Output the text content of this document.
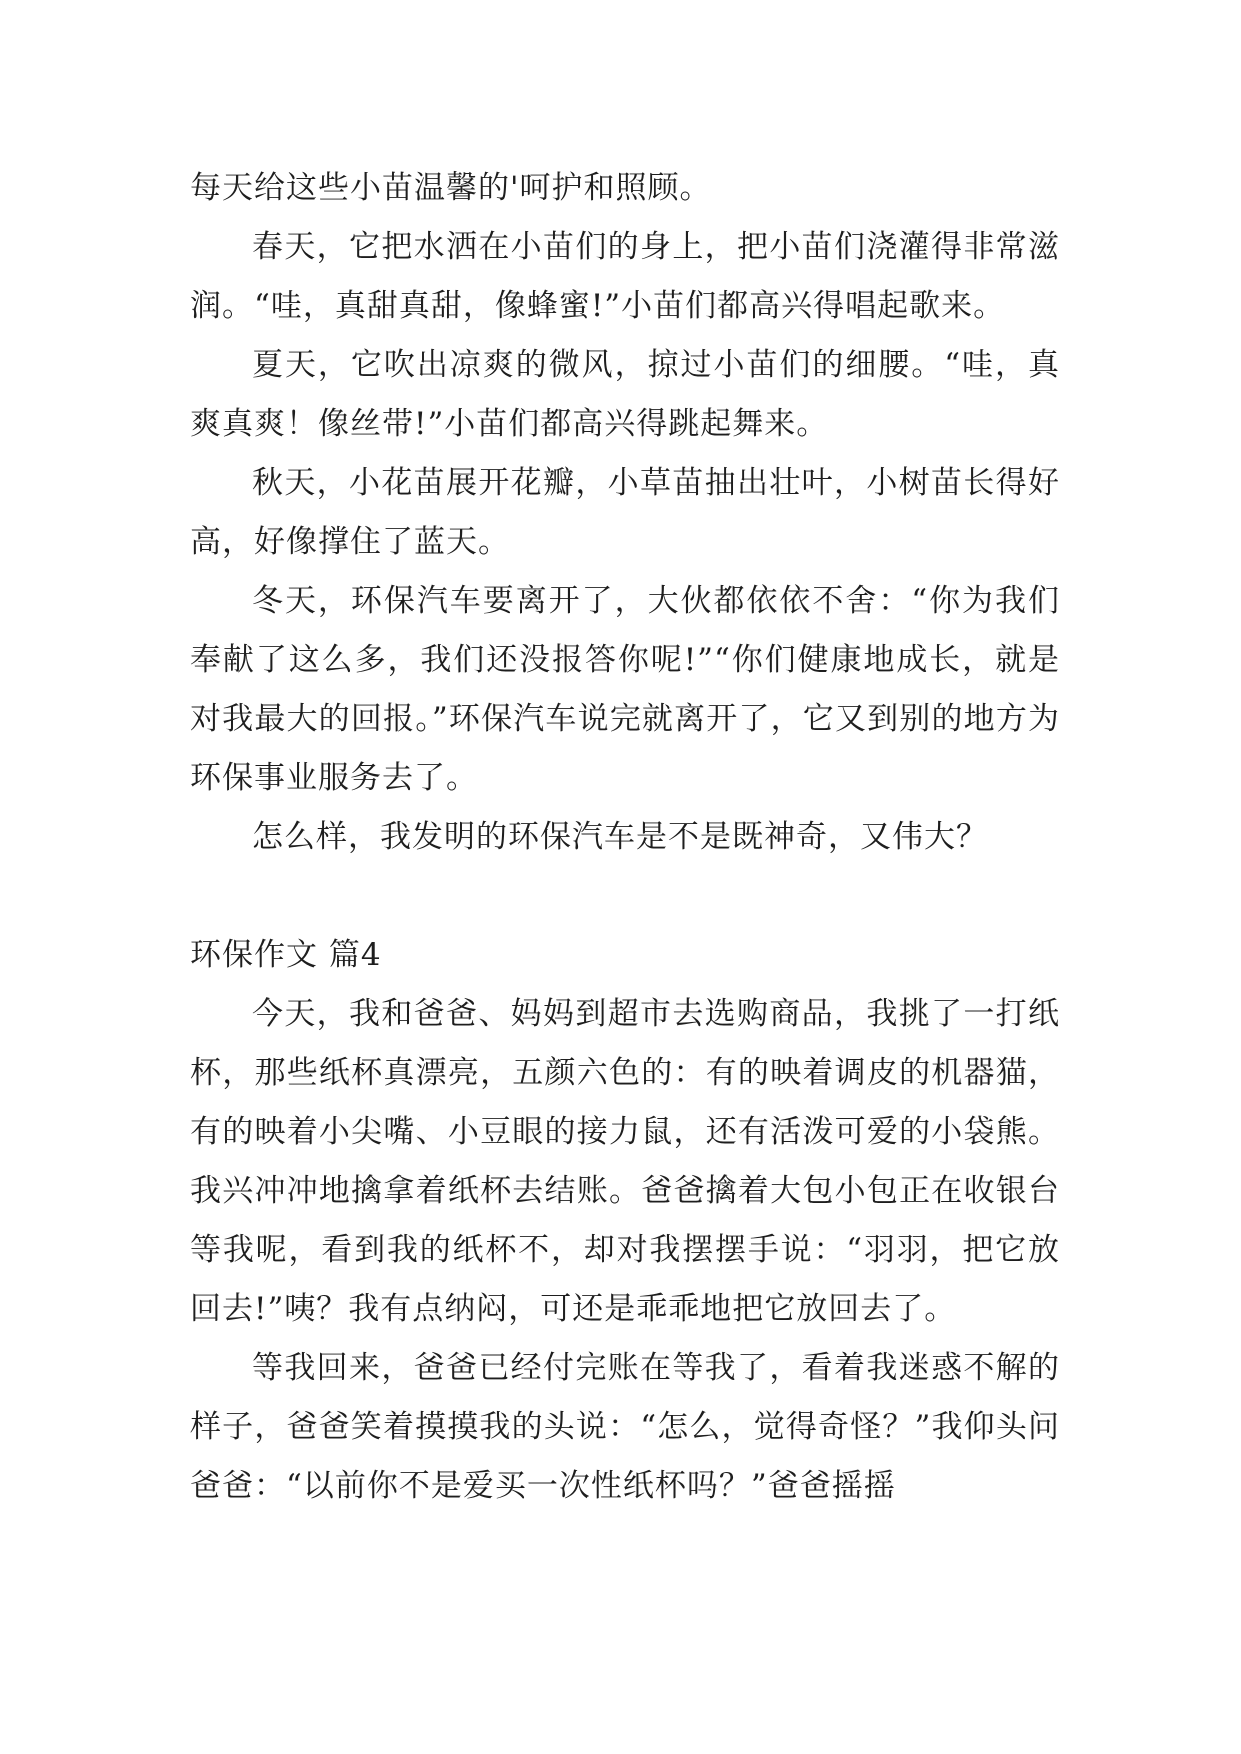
每天给这些小苗温馨的'呵护和照顾。

春天，它把水洒在小苗们的身上，把小苗们浇灌得非常滋润。“哇，真甜真甜，像蜂蜜!”小苗们都高兴得唱起歌来。

夏天，它吹出凉爽的微风，掠过小苗们的细腰。“哇，真爽真爽！像丝带!”小苗们都高兴得跳起舞来。

秋天，小花苗展开花瓣，小草苗抽出壮叶，小树苗长得好高，好像撑住了蓝天。

冬天，环保汽车要离开了，大伙都依依不舍：“你为我们奉献了这么多，我们还没报答你呢!”“你们健康地成长，就是对我最大的回报。”环保汽车说完就离开了，它又到别的地方为环保事业服务去了。

怎么样，我发明的环保汽车是不是既神奇，又伟大？

环保作文 篇4

今天，我和爸爸、妈妈到超市去选购商品，我挑了一打纸杯，那些纸杯真漂亮，五颜六色的：有的映着调皮的机器猫，有的映着小尖嘴、小豆眼的接力鼠，还有活泼可爱的小袋熊。我兴冲冲地擒拿着纸杯去结账。爸爸擒着大包小包正在收银台等我呢，看到我的纸杯不，却对我摆摆手说：“羽羽，把它放回去!”咦？我有点纳闷，可还是乖乖地把它放回去了。

等我回来，爸爸已经付完账在等我了，看着我迷惑不解的样子，爸爸笑着摸摸我的头说：“怎么，觉得奇怪？”我仰头问爸爸：“以前你不是爱买一次性纸杯吗？”爸爸摇摇
